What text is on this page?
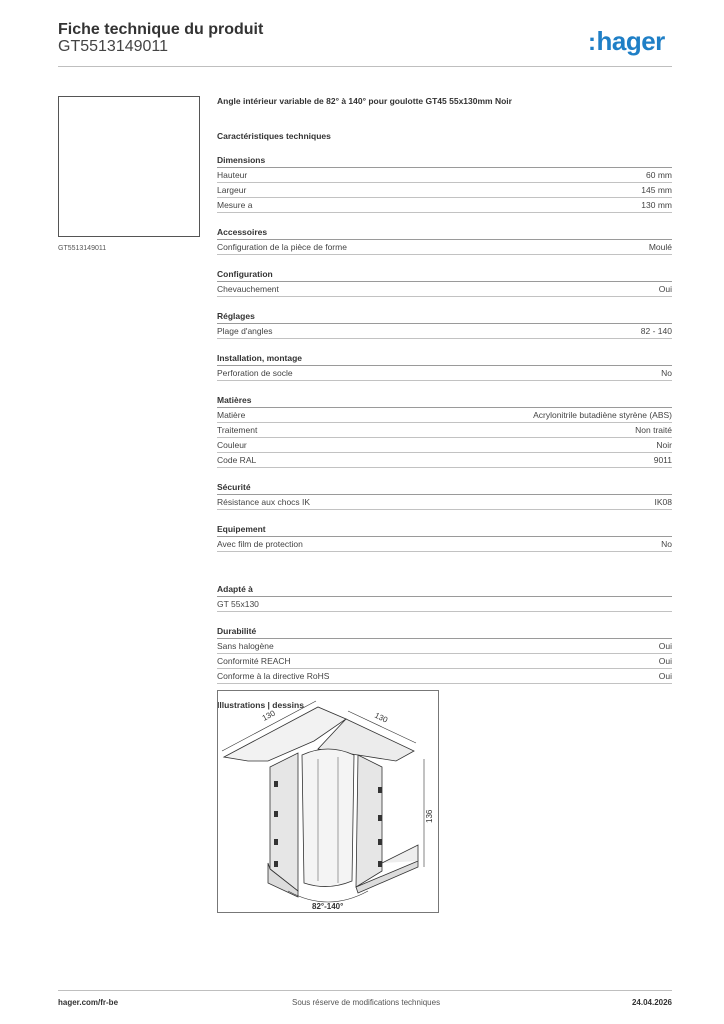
Fiche technique du produit
GT5513149011	:hager
GT5513149011
Angle intérieur variable de 82° à 140° pour goulotte GT45 55x130mm Noir
Caractéristiques techniques
Dimensions
Hauteur	60 mm
Largeur	145 mm
Mesure a	130 mm
Accessoires
Configuration de la pièce de forme	Moulé
Configuration
Chevauchement	Oui
Réglages
Plage d'angles	82 - 140
Installation, montage
Perforation de socle	No
Matières
Matière	Acrylonitrile butadiène styrène (ABS)
Traitement	Non traité
Couleur	Noir
Code RAL	9011
Sécurité
Résistance aux chocs IK	IK08
Equipement
Avec film de protection	No
Adapté à
GT 55x130
Durabilité
Sans halogène	Oui
Conformité REACH	Oui
Conforme à la directive RoHS	Oui
Illustrations | dessins
130	130
136
82°-140°
hager.com/fr-be	Sous réserve de modifications techniques	24.04.2026
